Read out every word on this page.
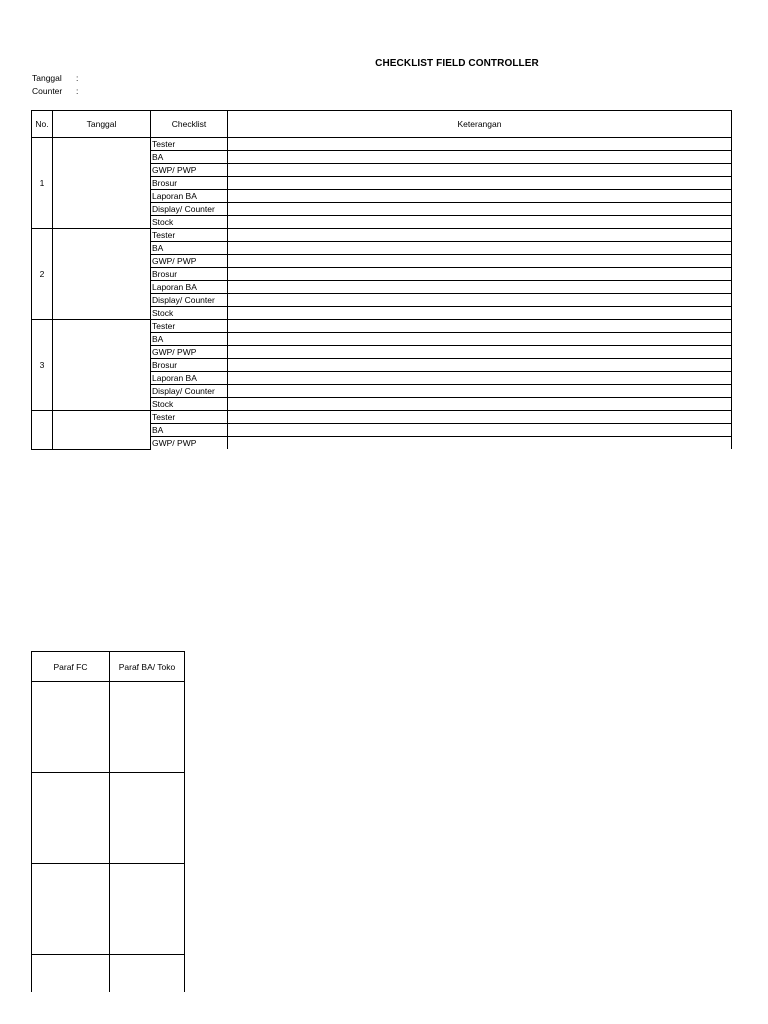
CHECKLIST FIELD CONTROLLER
Tanggal :
Counter :
No.	Tanggal	Checklist	Keterangan
1		Tester	
		BA	
		GWP/ PWP	
		Brosur	
		Laporan BA	
		Display/ Counter	
		Stock	
2		Tester	
		BA	
		GWP/ PWP	
		Brosur	
		Laporan BA	
		Display/ Counter	
		Stock	
3		Tester	
		BA	
		GWP/ PWP	
		Brosur	
		Laporan BA	
		Display/ Counter	
		Stock	
		Tester	
		BA	
		GWP/ PWP	
Paraf FC	Paraf BA/ Toko
